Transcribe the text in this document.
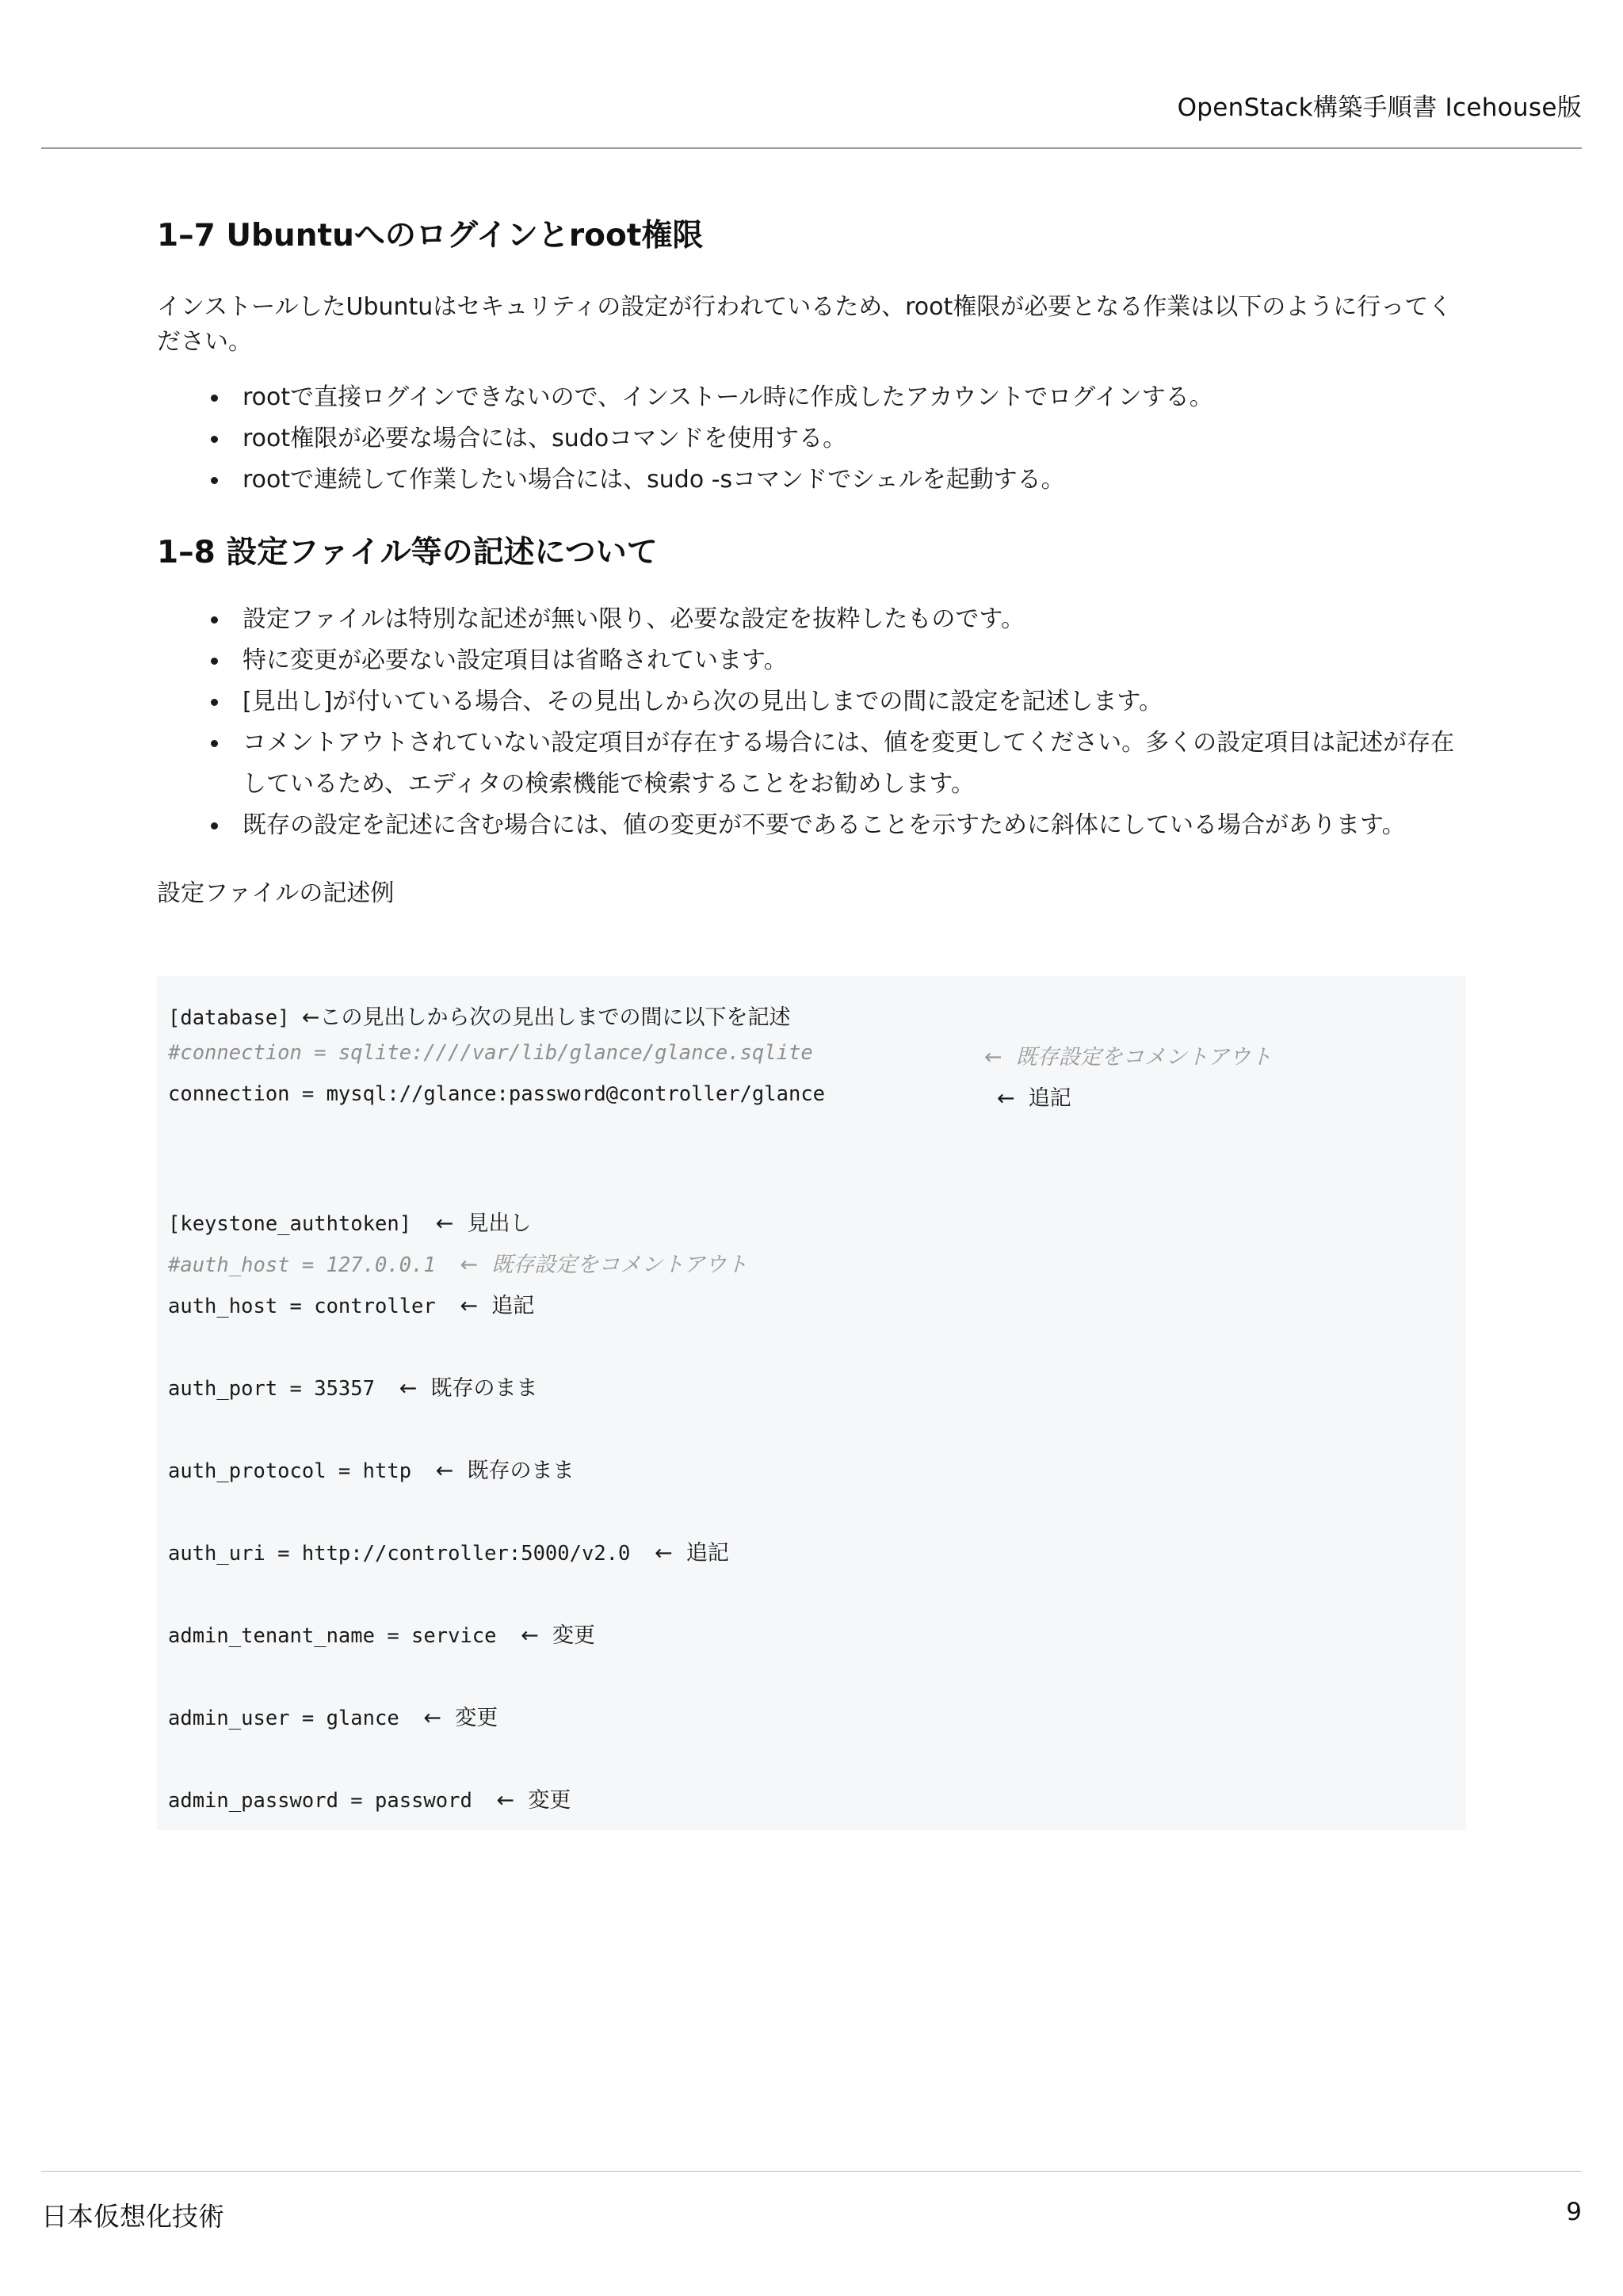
OpenStack構築手順書 Icehouse版
1–7 Ubuntuへのログインとroot権限

インストールしたUbuntuはセキュリティの設定が行われているため、root権限が必要となる作業は以下のように行ってください。

rootで直接ログインできないので、インストール時に作成したアカウントでログインする。
root権限が必要な場合には、sudoコマンドを使用する。
rootで連続して作業したい場合には、sudo -sコマンドでシェルを起動する。
1–8 設定ファイル等の記述について
設定ファイルは特別な記述が無い限り、必要な設定を抜粋したものです。
特に変更が必要ない設定項目は省略されています。
[見出し]が付いている場合、その見出しから次の見出しまでの間に設定を記述します。
コメントアウトされていない設定項目が存在する場合には、値を変更してください。多くの設定項目は記述が存在しているため、エディタの検索機能で検索することをお勧めします。
既存の設定を記述に含む場合には、値の変更が不要であることを示すために斜体にしている場合があります。
設定ファイルの記述例
[database] ←この見出しから次の見出しまでの間に以下を記述
#connection = sqlite:////var/lib/glance/glance.sqlite	←  既存設定をコメントアウト
connection = mysql://glance:password@controller/glance	←  追記
[keystone_authtoken] ←  見出し
#auth_host = 127.0.0.1 ←  既存設定をコメントアウト
auth_host = controller ←  追記
auth_port = 35357 ←  既存のまま
auth_protocol = http ←  既存のまま
auth_uri = http://controller:5000/v2.0 ←  追記
admin_tenant_name = service ←  変更
admin_user = glance ←  変更
admin_password = password ←  変更
日本仮想化技術	9
